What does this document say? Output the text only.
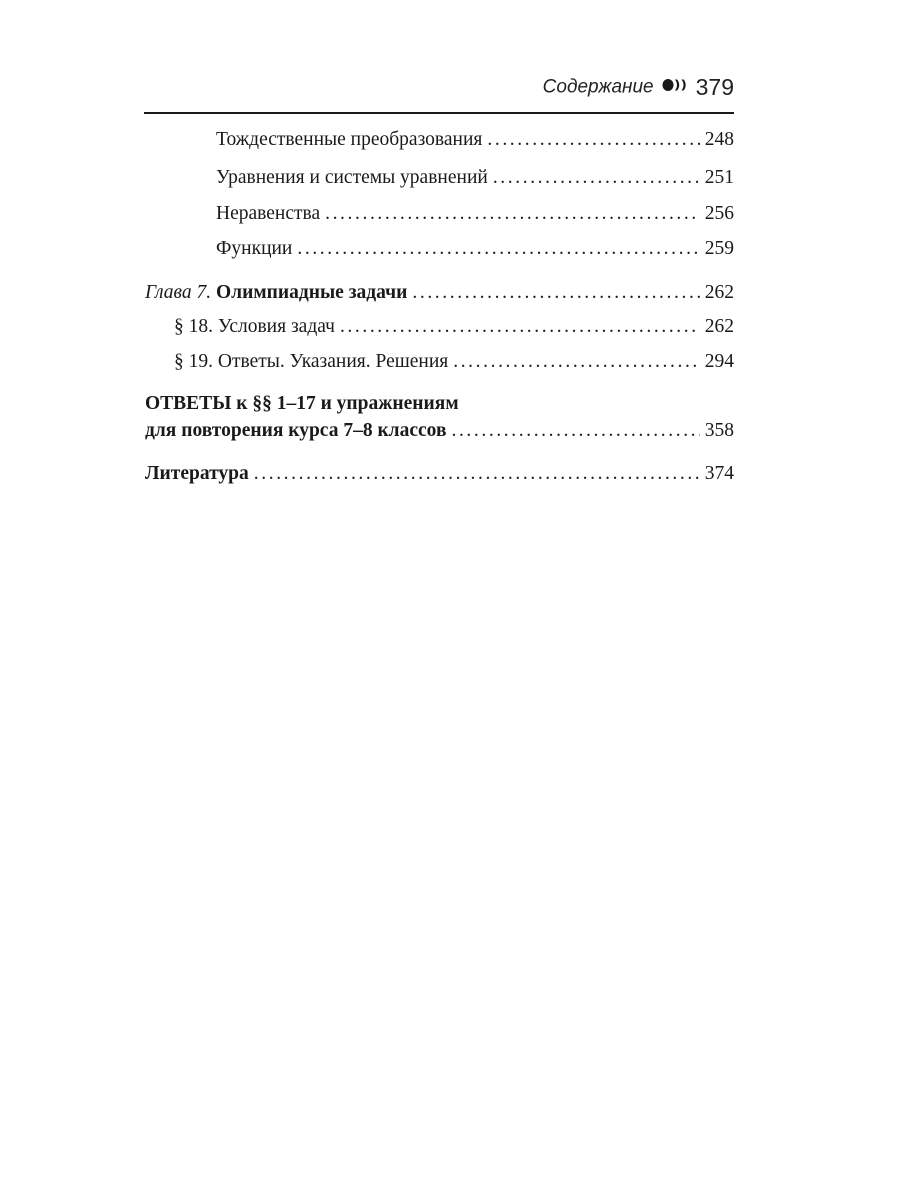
Содержание 379
Тождественные преобразования .....	248
Уравнения и системы уравнений .....	251
Неравенства .....	256
Функции .....	259
Глава 7. Олимпиадные задачи .....	262
§ 18. Условия задач .....	262
§ 19. Ответы. Указания. Решения .....	294
ОТВЕТЫ к §§ 1–17 и упражнениям
для повторения курса 7–8 классов .....	358
Литература .....	374
